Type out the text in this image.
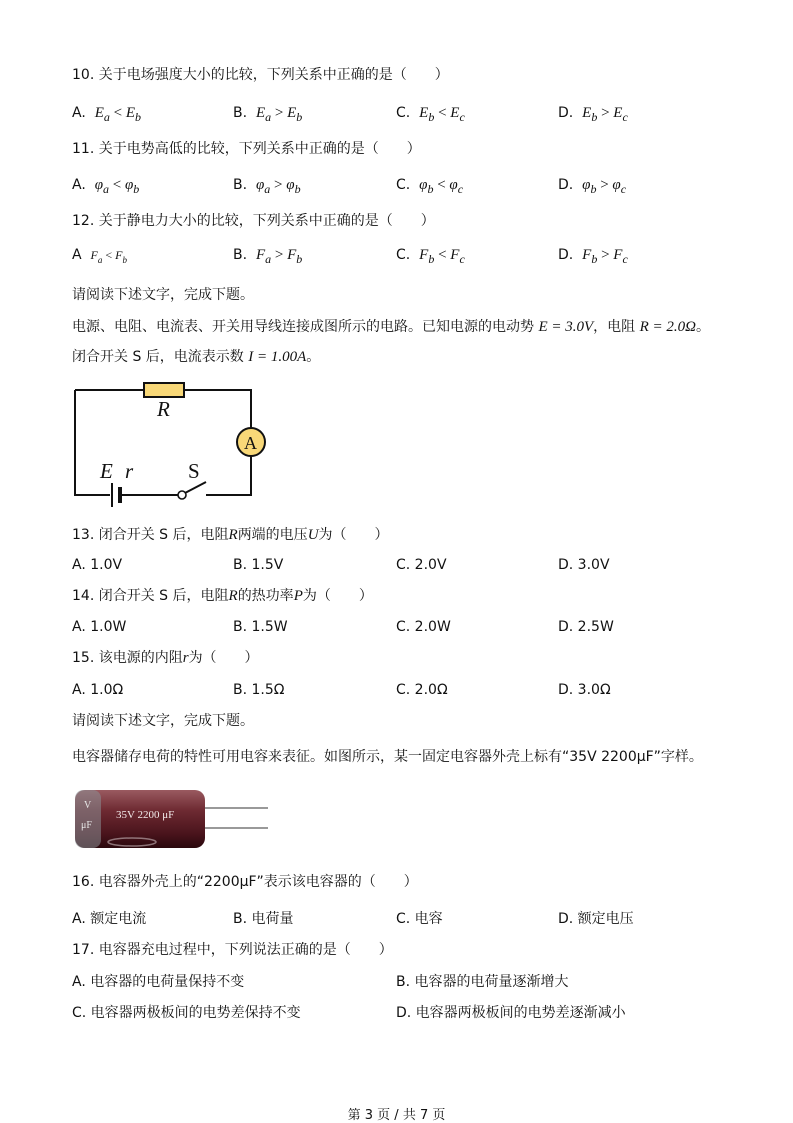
10. 关于电场强度大小的比较，下列关系中正确的是（　　）
A. $E_a < E_b$	B. $E_a > E_b$	C. $E_b < E_c$	D. $E_b > E_c$
11. 关于电势高低的比较，下列关系中正确的是（　　）
A. $\varphi_a < \varphi_b$	B. $\varphi_a > \varphi_b$	C. $\varphi_b < \varphi_c$	D. $\varphi_b > \varphi_c$
12. 关于静电力大小的比较，下列关系中正确的是（　　）
A $F_a < F_b$	B. $F_a > F_b$	C. $F_b < F_c$	D. $F_b > F_c$
请阅读下述文字，完成下题。
电源、电阻、电流表、开关用导线连接成图所示的电路。已知电源的电动势 E = 3.0V，电阻 R = 2.0Ω。
闭合开关 S 后，电流表示数 I = 1.00A。
R
A
E r	S
13. 闭合开关 S 后，电阻R两端的电压U为（　　）
A. 1.0V	B. 1.5V	C. 2.0V	D. 3.0V
14. 闭合开关 S 后，电阻R的热功率P为（　　）
A. 1.0W	B. 1.5W	C. 2.0W	D. 2.5W
15. 该电源的内阻r为（　　）
A. 1.0Ω	B. 1.5Ω	C. 2.0Ω	D. 3.0Ω
请阅读下述文字，完成下题。
电容器储存电荷的特性可用电容来表征。如图所示，某一固定电容器外壳上标有“35V 2200μF”字样。
35V 2200 μF
V
μF
16. 电容器外壳上的“2200μF”表示该电容器的（　　）
A. 额定电流	B. 电荷量	C. 电容	D. 额定电压
17. 电容器充电过程中，下列说法正确的是（　　）
A. 电容器的电荷量保持不变	B. 电容器的电荷量逐渐增大
C. 电容器两极板间的电势差保持不变	D. 电容器两极板间的电势差逐渐减小
第 3 页 / 共 7 页
